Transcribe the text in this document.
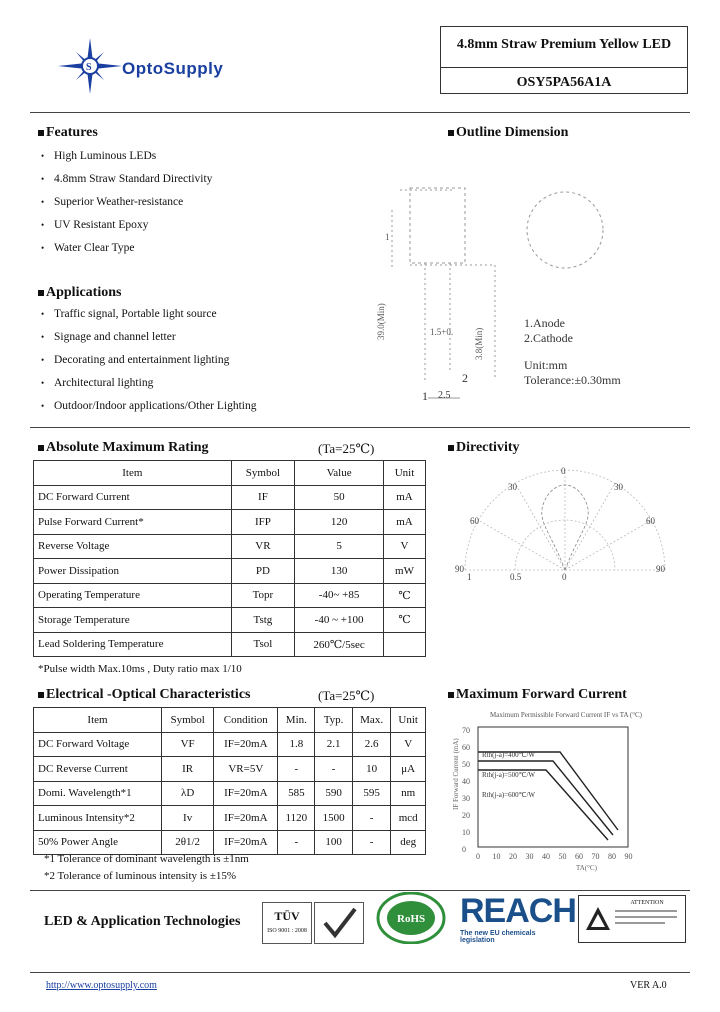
S OptoSupply
4.8mm Straw Premium Yellow LED
OSY5PA56A1A
Features
• High Luminous LEDs
• 4.8mm Straw Standard Directivity
• Superior Weather-resistance
• UV Resistant Epoxy
• Water Clear Type
Applications
• Traffic signal, Portable light source
• Signage and channel letter
• Decorating and entertainment lighting
• Architectural lighting
• Outdoor/Indoor applications/Other Lighting
Outline Dimension
1
39.0(Min)	1.5+0. 3.8(Min)
2
1 2.5
1.Anode
2.Cathode
Unit:mm
Tolerance:±0.30mm
Absolute Maximum Rating	(Ta=25℃)
Item	Symbol	Value	Unit
DC Forward Current	IF	50	mA
Pulse Forward Current*	IFP	120	mA
Reverse Voltage	VR	5	V
Power Dissipation	PD	130	mW
Operating Temperature	Topr	-40~ +85	℃
Storage Temperature	Tstg	-40 ~ +100	℃
Lead Soldering Temperature	Tsol	260℃/5sec	
*Pulse width Max.10ms , Duty ratio max 1/10
Directivity
0
30	30
60	60
90	90
1	0.5	0
Electrical -Optical Characteristics	(Ta=25℃)
Item	Symbol	Condition	Min.	Typ.	Max.	Unit
DC Forward Voltage	VF	IF=20mA	1.8	2.1	2.6	V
DC Reverse Current	IR	VR=5V	-	-	10	μA
Domi. Wavelength*1	λD	IF=20mA	585	590	595	nm
Luminous Intensity*2	Iv	IF=20mA	1120	1500	-	mcd
50% Power Angle	2θ1/2	IF=20mA	-	100	-	deg
*1 Tolerance of dominant wavelength is ±1nm
*2 Tolerance of luminous intensity is ±15%
Maximum Forward Current
Maximum Permissible Forward Current IF vs TA (°C)
70
60
50
40
30
20
10
0
0 10 20 30 40 50 60 70 80 90
IF Forward Current (mA)
TA(°C)
Rth(j-a)=400℃/W
Rth(j-a)=500℃/W
Rth(j-a)=600℃/W
LED & Application Technologies	TÜV
ISO 9001 : 2008
RoHS REACH
The new EU chemicals legislation
ATTENTION
http://www.optosupply.com	VER A.0
